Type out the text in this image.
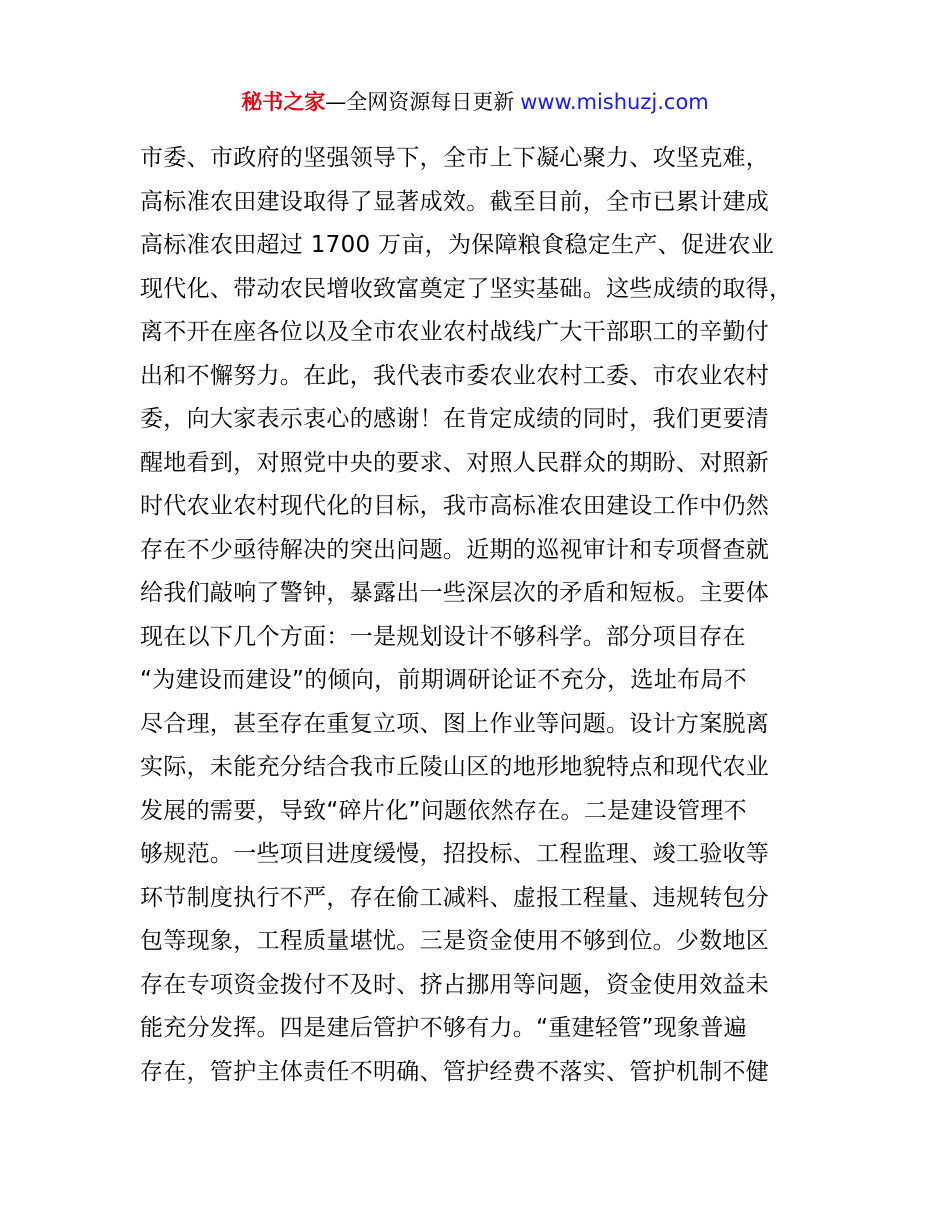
秘书之家—全网资源每日更新 www.mishuzj.com
市委、市政府的坚强领导下，全市上下凝心聚力、攻坚克难，
高标准农田建设取得了显著成效。截至目前，全市已累计建成
高标准农田超过 1700 万亩，为保障粮食稳定生产、促进农业
现代化、带动农民增收致富奠定了坚实基础。这些成绩的取得，
离不开在座各位以及全市农业农村战线广大干部职工的辛勤付
出和不懈努力。在此，我代表市委农业农村工委、市农业农村
委，向大家表示衷心的感谢！在肯定成绩的同时，我们更要清
醒地看到，对照党中央的要求、对照人民群众的期盼、对照新
时代农业农村现代化的目标，我市高标准农田建设工作中仍然
存在不少亟待解决的突出问题。近期的巡视审计和专项督查就
给我们敲响了警钟，暴露出一些深层次的矛盾和短板。主要体
现在以下几个方面：一是规划设计不够科学。部分项目存在
“为建设而建设”的倾向，前期调研论证不充分，选址布局不
尽合理，甚至存在重复立项、图上作业等问题。设计方案脱离
实际，未能充分结合我市丘陵山区的地形地貌特点和现代农业
发展的需要，导致“碎片化”问题依然存在。二是建设管理不
够规范。一些项目进度缓慢，招投标、工程监理、竣工验收等
环节制度执行不严，存在偷工减料、虚报工程量、违规转包分
包等现象，工程质量堪忧。三是资金使用不够到位。少数地区
存在专项资金拨付不及时、挤占挪用等问题，资金使用效益未
能充分发挥。四是建后管护不够有力。“重建轻管”现象普遍
存在，管护主体责任不明确、管护经费不落实、管护机制不健
